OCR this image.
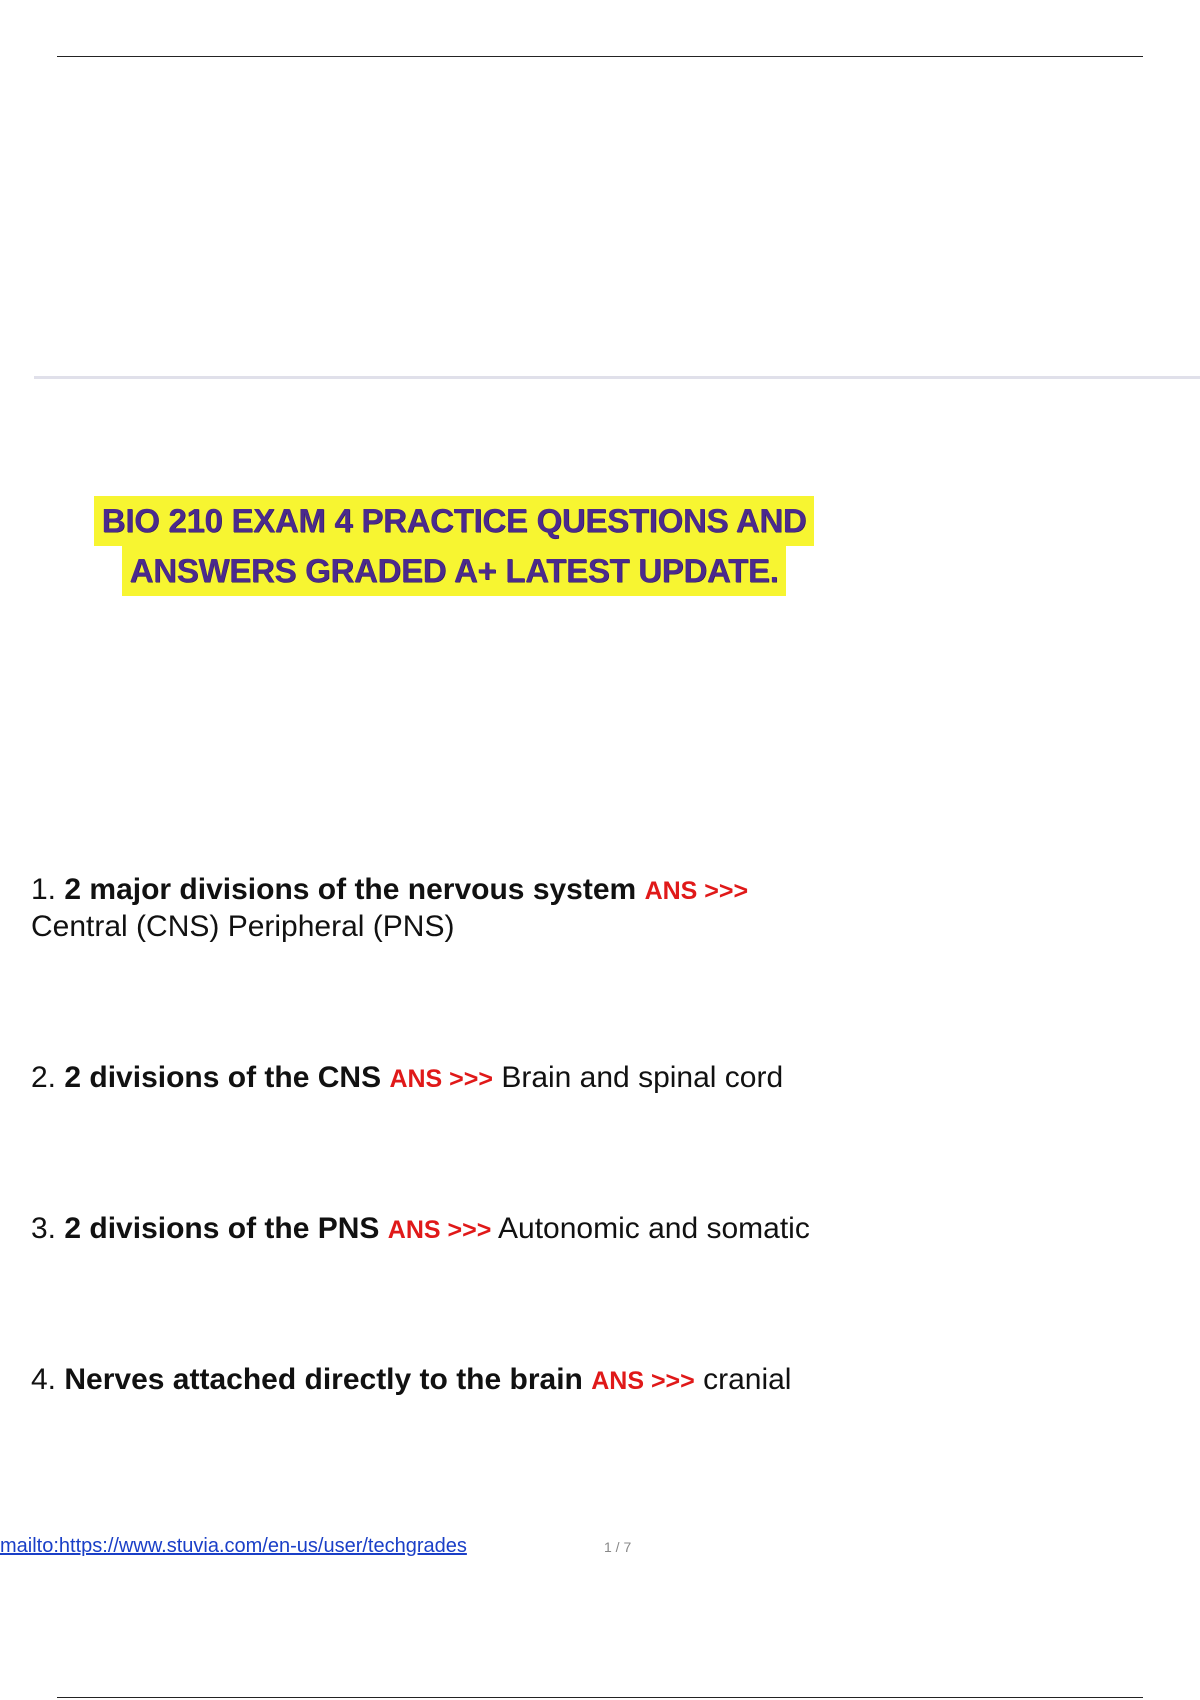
BIO 210 EXAM 4 PRACTICE QUESTIONS AND
ANSWERS GRADED A+ LATEST UPDATE.
1. 2 major divisions of the nervous system ANS >>>
Central (CNS) Peripheral (PNS)
2. 2 divisions of the CNS ANS >>> Brain and spinal cord
3. 2 divisions of the PNS ANS >>> Autonomic and somatic
4. Nerves attached directly to the brain ANS >>> cranial
mailto:https://www.stuvia.com/en-us/user/techgrades	1 / 7
